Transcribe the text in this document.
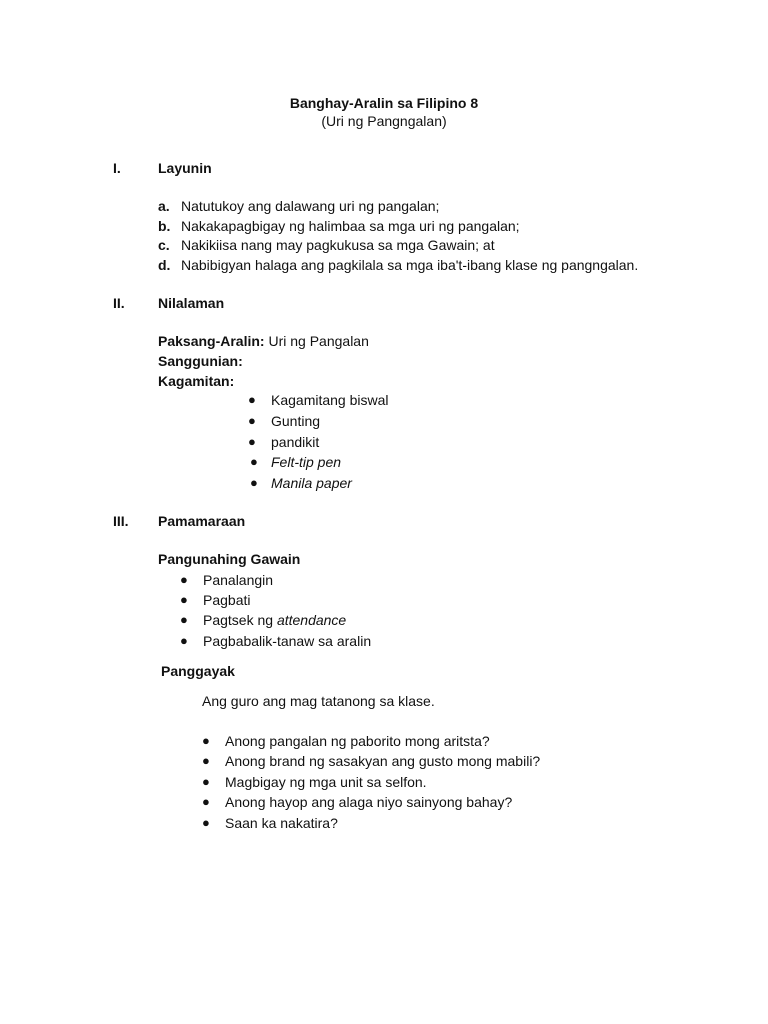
Banghay-Aralin sa Filipino 8
(Uri ng Pangngalan)
I.	Layunin
a. Natutukoy ang dalawang uri ng pangalan;
b. Nakakapagbigay ng halimbaa sa mga uri ng pangalan;
c. Nakikiisa nang may pagkukusa sa mga Gawain; at
d. Nabibigyan halaga ang pagkilala sa mga iba't-ibang klase ng pangngalan.
II. Nilalaman
Paksang-Aralin: Uri ng Pangalan
Sanggunian:
Kagamitan:
● Kagamitang biswal
● Gunting
● pandikit
● Felt-tip pen
● Manila paper
III. Pamamaraan
Pangunahing Gawain
● Panalangin
● Pagbati
● Pagtsek ng attendance
● Pagbabalik-tanaw sa aralin
Panggayak
Ang guro ang mag tatanong sa klase.
● Anong pangalan ng paborito mong aritsta?
● Anong brand ng sasakyan ang gusto mong mabili?
● Magbigay ng mga unit sa selfon.
● Anong hayop ang alaga niyo sainyong bahay?
● Saan ka nakatira?
